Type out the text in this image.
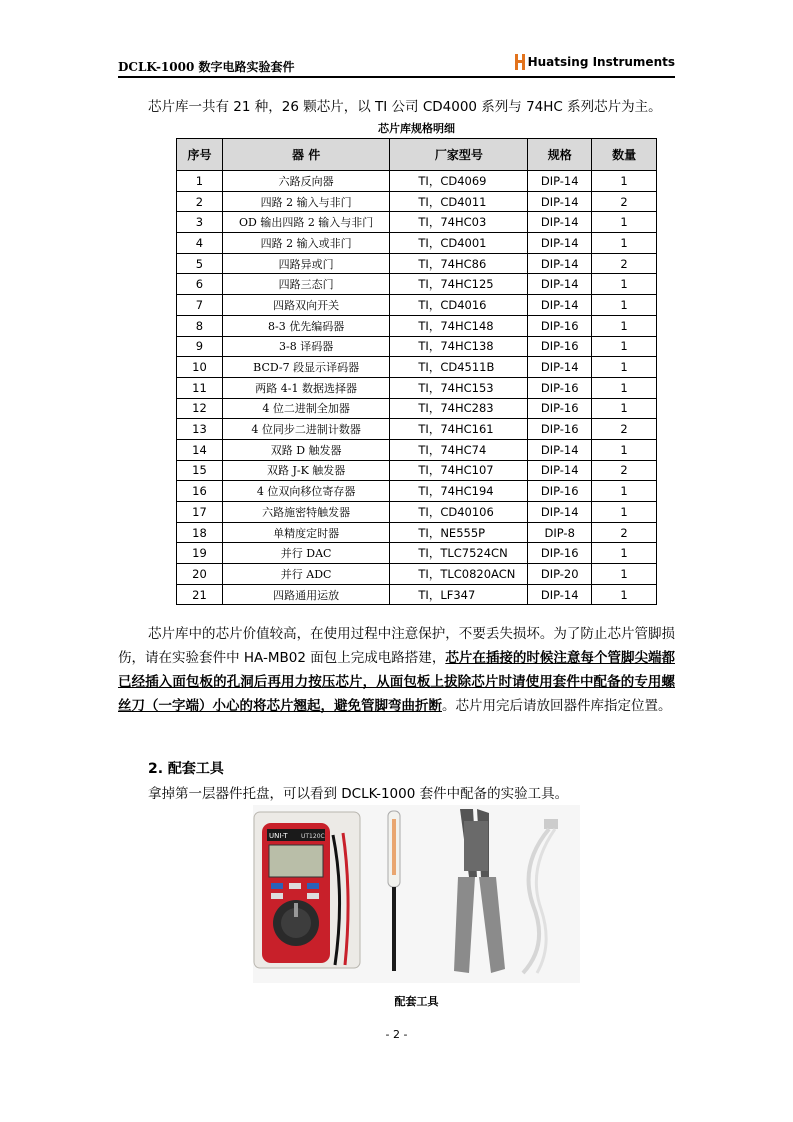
DCLK-1000 数字电路实验套件	Huatsing Instruments
芯片库一共有 21 种，26 颗芯片，以 TI 公司 CD4000 系列与 74HC 系列芯片为主。
芯片库规格明细
序号	器 件	厂家型号	规格	数量
1	六路反向器	TI，CD4069	DIP-14	1
2	四路 2 输入与非门	TI，CD4011	DIP-14	2
3	OD 输出四路 2 输入与非门	TI，74HC03	DIP-14	1
4	四路 2 输入或非门	TI，CD4001	DIP-14	1
5	四路异或门	TI，74HC86	DIP-14	2
6	四路三态门	TI，74HC125	DIP-14	1
7	四路双向开关	TI，CD4016	DIP-14	1
8	8-3 优先编码器	TI，74HC148	DIP-16	1
9	3-8 译码器	TI，74HC138	DIP-16	1
10	BCD-7 段显示译码器	TI，CD4511B	DIP-14	1
11	两路 4-1 数据选择器	TI，74HC153	DIP-16	1
12	4 位二进制全加器	TI，74HC283	DIP-16	1
13	4 位同步二进制计数器	TI，74HC161	DIP-16	2
14	双路 D 触发器	TI，74HC74	DIP-14	1
15	双路 J-K 触发器	TI，74HC107	DIP-14	2
16	4 位双向移位寄存器	TI，74HC194	DIP-16	1
17	六路施密特触发器	TI，CD40106	DIP-14	1
18	单精度定时器	TI，NE555P	DIP-8	2
19	并行 DAC	TI，TLC7524CN	DIP-16	1
20	并行 ADC	TI，TLC0820ACN	DIP-20	1
21	四路通用运放	TI，LF347	DIP-14	1
芯片库中的芯片价值较高，在使用过程中注意保护，不要丢失损坏。为了防止芯片管脚损伤，请在实验套件中 HA-MB02 面包上完成电路搭建，芯片在插接的时候注意每个管脚尖端都已经插入面包板的孔洞后再用力按压芯片，从面包板上拔除芯片时请使用套件中配备的专用螺丝刀（一字端）小心的将芯片翘起，避免管脚弯曲折断。芯片用完后请放回器件库指定位置。
2. 配套工具
拿掉第一层器件托盘，可以看到 DCLK-1000 套件中配备的实验工具。
UNI-T UT120C
配套工具
- 2 -
